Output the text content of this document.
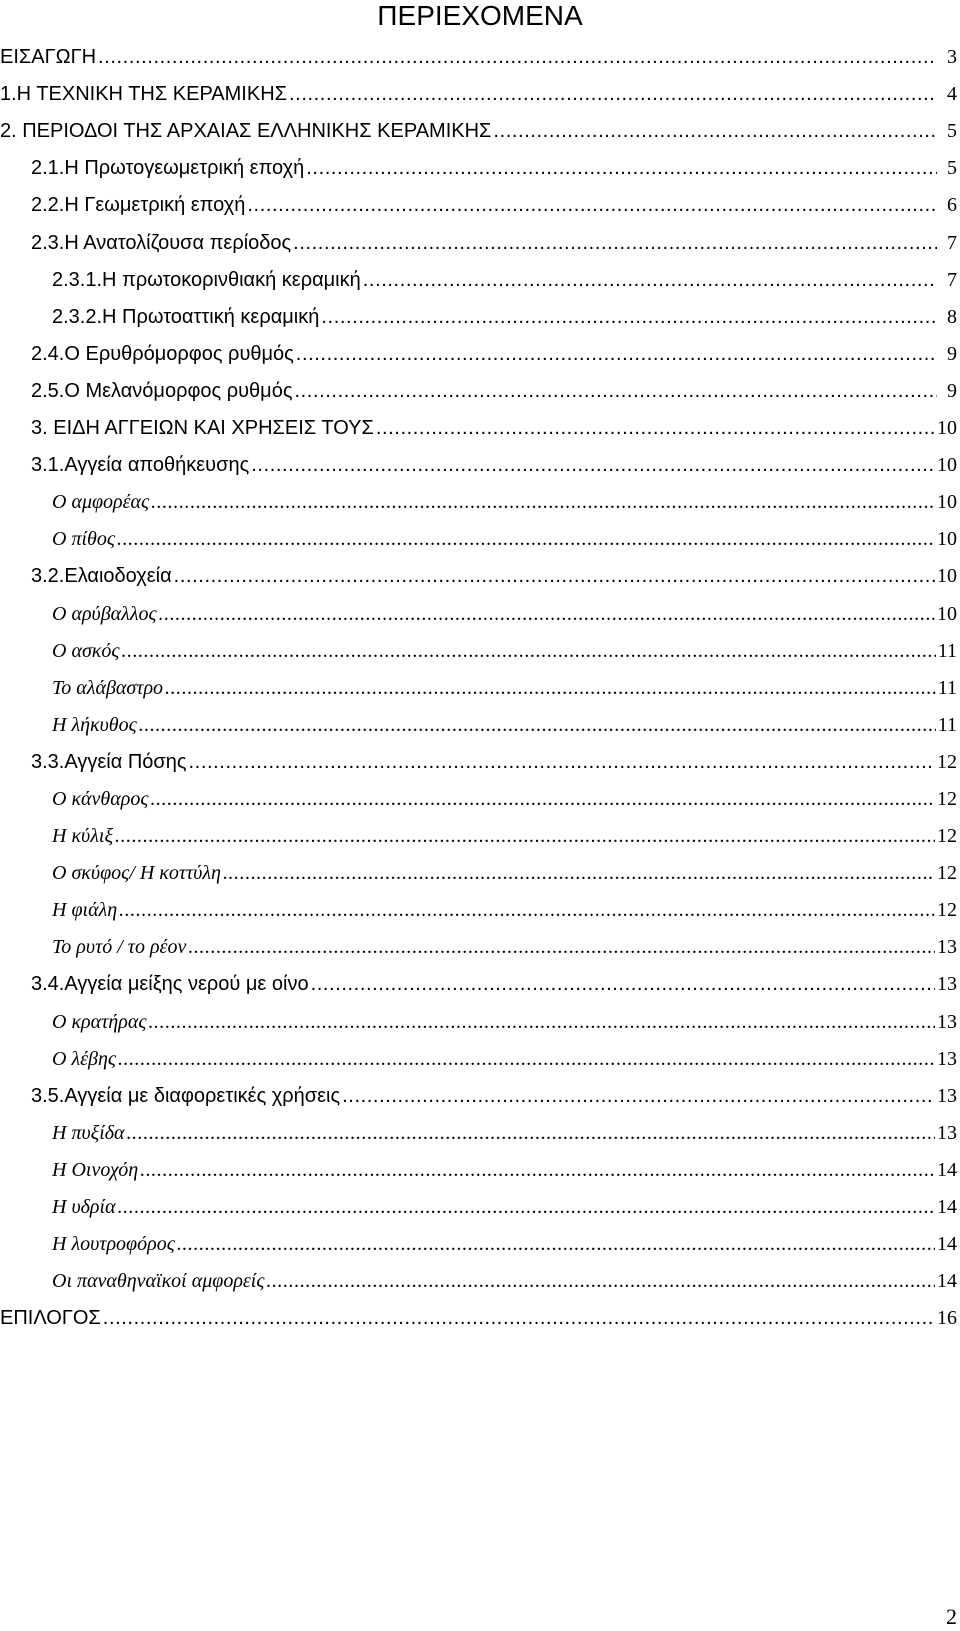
ΠΕΡΙΕΧΟΜΕΝΑ
ΕΙΣΑΓΩΓΗ .....	3
1.Η ΤΕΧΝΙΚΗ ΤΗΣ ΚΕΡΑΜΙΚΗΣ .....	4
2. ΠΕΡΙΟΔΟΙ ΤΗΣ ΑΡΧΑΙΑΣ ΕΛΛΗΝΙΚΗΣ ΚΕΡΑΜΙΚΗΣ .....	5
2.1.Η Πρωτογεωμετρική εποχή .....	5
2.2.Η Γεωμετρική εποχή .....	6
2.3.Η Ανατολίζουσα περίοδος .....	7
2.3.1.Η πρωτοκορινθιακή κεραμική .....	7
2.3.2.Η Πρωτοαττική κεραμική .....	8
2.4.Ο Ερυθρόμορφος ρυθμός .....	9
2.5.Ο Μελανόμορφος ρυθμός .....	9
3. ΕΙΔΗ ΑΓΓΕΙΩΝ ΚΑΙ ΧΡΗΣΕΙΣ ΤΟΥΣ .....	10
3.1.Αγγεία αποθήκευσης .....	10
Ο αμφορέας .....	10
Ο πίθος .....	10
3.2.Ελαιοδοχεία .....	10
Ο αρύβαλλος .....	10
Ο ασκός .....	11
Το αλάβαστρο .....	11
Η λήκυθος .....	11
3.3.Αγγεία Πόσης .....	12
Ο κάνθαρος .....	12
Η κύλιξ .....	12
Ο σκύφος/ Η κοττύλη .....	12
Η φιάλη .....	12
Το ρυτό / το ρέον .....	13
3.4.Αγγεία μείξης νερού με οίνο .....	13
Ο κρατήρας .....	13
Ο λέβης .....	13
3.5.Αγγεία με διαφορετικές χρήσεις .....	13
Η πυξίδα .....	13
Η Οινοχόη .....	14
Η υδρία .....	14
Η λουτροφόρος .....	14
Οι παναθηναϊκοί αμφορείς .....	14
ΕΠΙΛΟΓΟΣ .....	16
2
